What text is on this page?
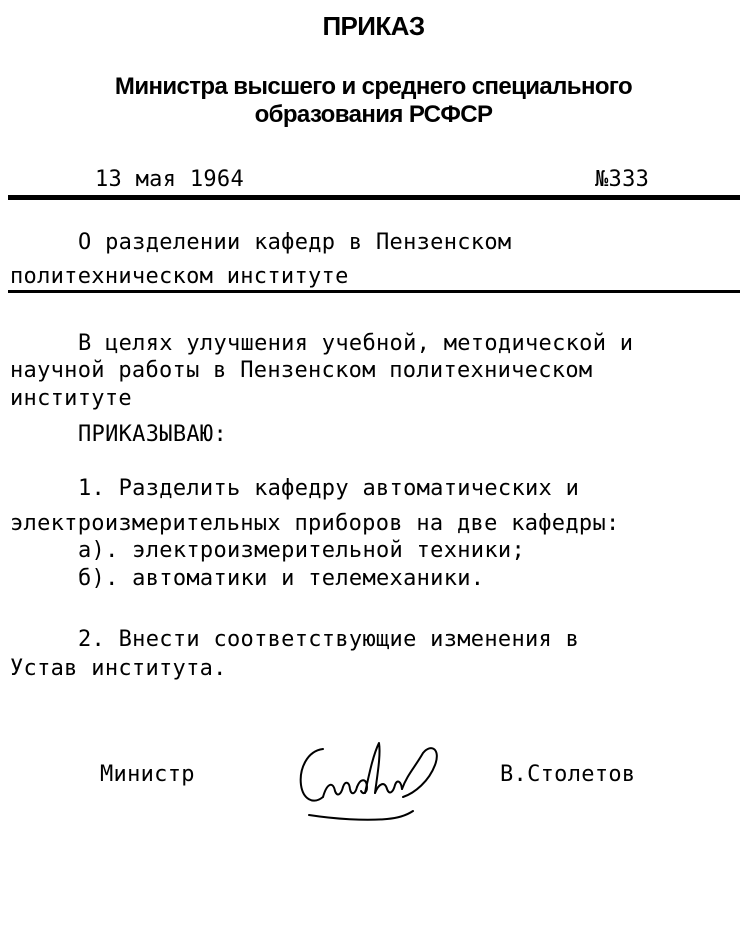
ПРИКАЗ
Министра высшего и среднего специального
образования РСФСР
13 мая 1964	№333
О разделении кафедр в Пензенском
политехническом институте
В целях улучшения учебной, методической и
научной работы в Пензенском политехническом
институте
ПРИКАЗЫВАЮ:
1. Разделить кафедру автоматических и
электроизмерительных приборов на две кафедры:
а). электроизмерительной техники;
б). автоматики и телемеханики.
2. Внести соответствующие изменения в
Устав института.
Министр	В.Столетов
